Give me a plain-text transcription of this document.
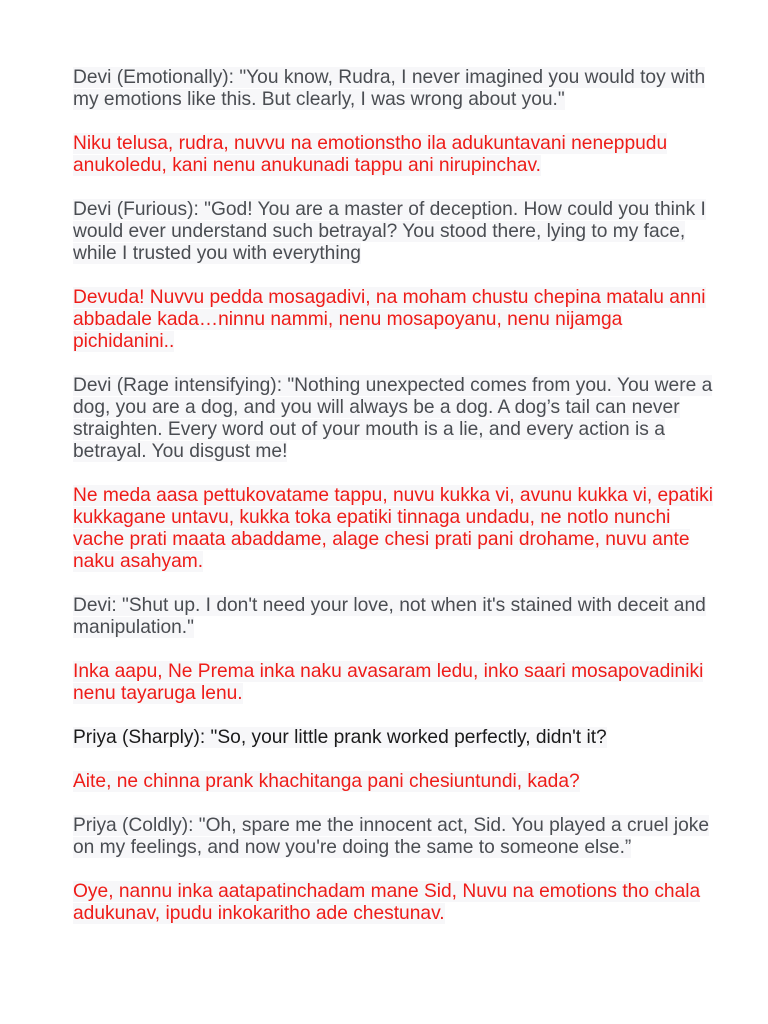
Devi (Emotionally): "You know, Rudra, I never imagined you would toy with my emotions like this. But clearly, I was wrong about you."

Niku telusa, rudra, nuvvu na emotionstho ila adukuntavani neneppudu anukoledu, kani nenu anukunadi tappu ani nirupinchav.

Devi (Furious): "God! You are a master of deception. How could you think I would ever understand such betrayal? You stood there, lying to my face, while I trusted you with everything

Devuda! Nuvvu pedda mosagadivi, na moham chustu chepina matalu anni abbadale kada…ninnu nammi, nenu mosapoyanu, nenu nijamga pichidanini..

Devi (Rage intensifying): "Nothing unexpected comes from you. You were a dog, you are a dog, and you will always be a dog. A dog’s tail can never straighten. Every word out of your mouth is a lie, and every action is a betrayal. You disgust me!

Ne meda aasa pettukovatame tappu, nuvu kukka vi, avunu kukka vi, epatiki kukkagane untavu, kukka toka epatiki tinnaga undadu, ne notlo nunchi vache prati maata abaddame, alage chesi prati pani drohame, nuvu ante naku asahyam.

Devi: "Shut up. I don't need your love, not when it's stained with deceit and manipulation."

Inka aapu, Ne Prema inka naku avasaram ledu, inko saari mosapovadiniki nenu tayaruga lenu.

Priya (Sharply): "So, your little prank worked perfectly, didn't it?

Aite, ne chinna prank khachitanga pani chesiuntundi, kada?

Priya (Coldly): "Oh, spare me the innocent act, Sid. You played a cruel joke on my feelings, and now you're doing the same to someone else.”

Oye, nannu inka aatapatinchadam mane Sid, Nuvu na emotions tho chala adukunav, ipudu inkokaritho ade chestunav.
